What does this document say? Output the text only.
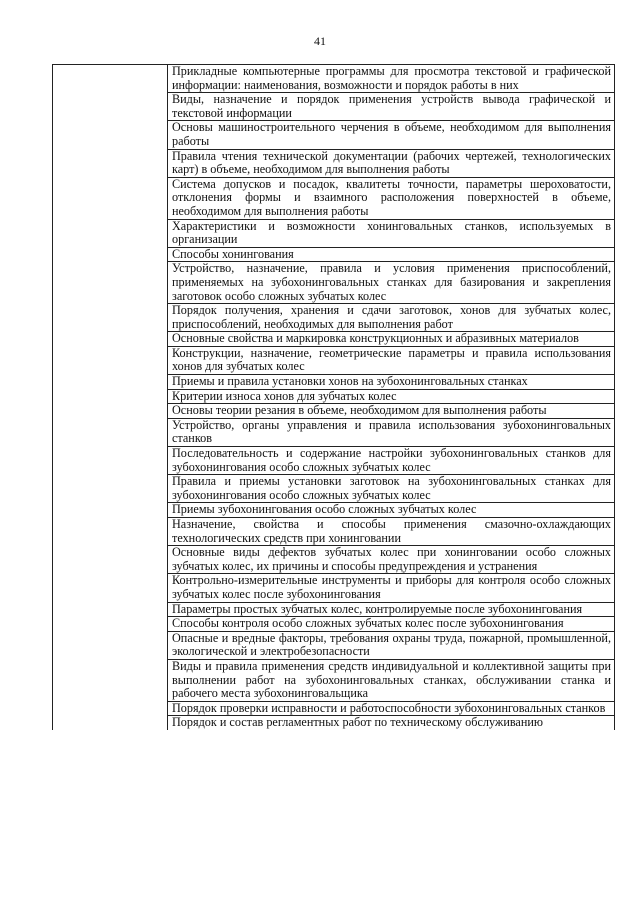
41
	Прикладные компьютерные программы для просмотра текстовой и графической информации: наименования, возможности и порядок работы в них
Виды, назначение и порядок применения устройств вывода графической и текстовой информации
Основы машиностроительного черчения в объеме, необходимом для выполнения работы
Правила чтения технической документации (рабочих чертежей, технологических карт) в объеме, необходимом для выполнения работы
Система допусков и посадок, квалитеты точности, параметры шероховатости, отклонения формы и взаимного расположения поверхностей в объеме, необходимом для выполнения работы
Характеристики и возможности хонинговальных станков, используемых в организации
Способы хонингования
Устройство, назначение, правила и условия применения приспособлений, применяемых на зубохонинговальных станках для базирования и закрепления заготовок особо сложных зубчатых колес
Порядок получения, хранения и сдачи заготовок, хонов для зубчатых колес, приспособлений, необходимых для выполнения работ
Основные свойства и маркировка конструкционных и абразивных материалов
Конструкции, назначение, геометрические параметры и правила использования хонов для зубчатых колес
Приемы и правила установки хонов на зубохонинговальных станках
Критерии износа хонов для зубчатых колес
Основы теории резания в объеме, необходимом для выполнения работы
Устройство, органы управления и правила использования зубохонинговальных станков
Последовательность и содержание настройки зубохонинговальных станков для зубохонингования особо сложных зубчатых колес
Правила и приемы установки заготовок на зубохонинговальных станках для зубохонингования особо сложных зубчатых колес
Приемы зубохонингования особо сложных зубчатых колес
Назначение, свойства и способы применения смазочно-охлаждающих технологических средств при хонинговании
Основные виды дефектов зубчатых колес при хонинговании особо сложных зубчатых колес, их причины и способы предупреждения и устранения
Контрольно-измерительные инструменты и приборы для контроля особо сложных зубчатых колес после зубохонингования
Параметры простых зубчатых колес, контролируемые после зубохонингования
Способы контроля особо сложных зубчатых колес после зубохонингования
Опасные и вредные факторы, требования охраны труда, пожарной, промышленной, экологической и электробезопасности
Виды и правила применения средств индивидуальной и коллективной защиты при выполнении работ на зубохонинговальных станках, обслуживании станка и рабочего места зубохонинговальщика
Порядок проверки исправности и работоспособности зубохонинговальных станков
Порядок и состав регламентных работ по техническому обслуживанию
